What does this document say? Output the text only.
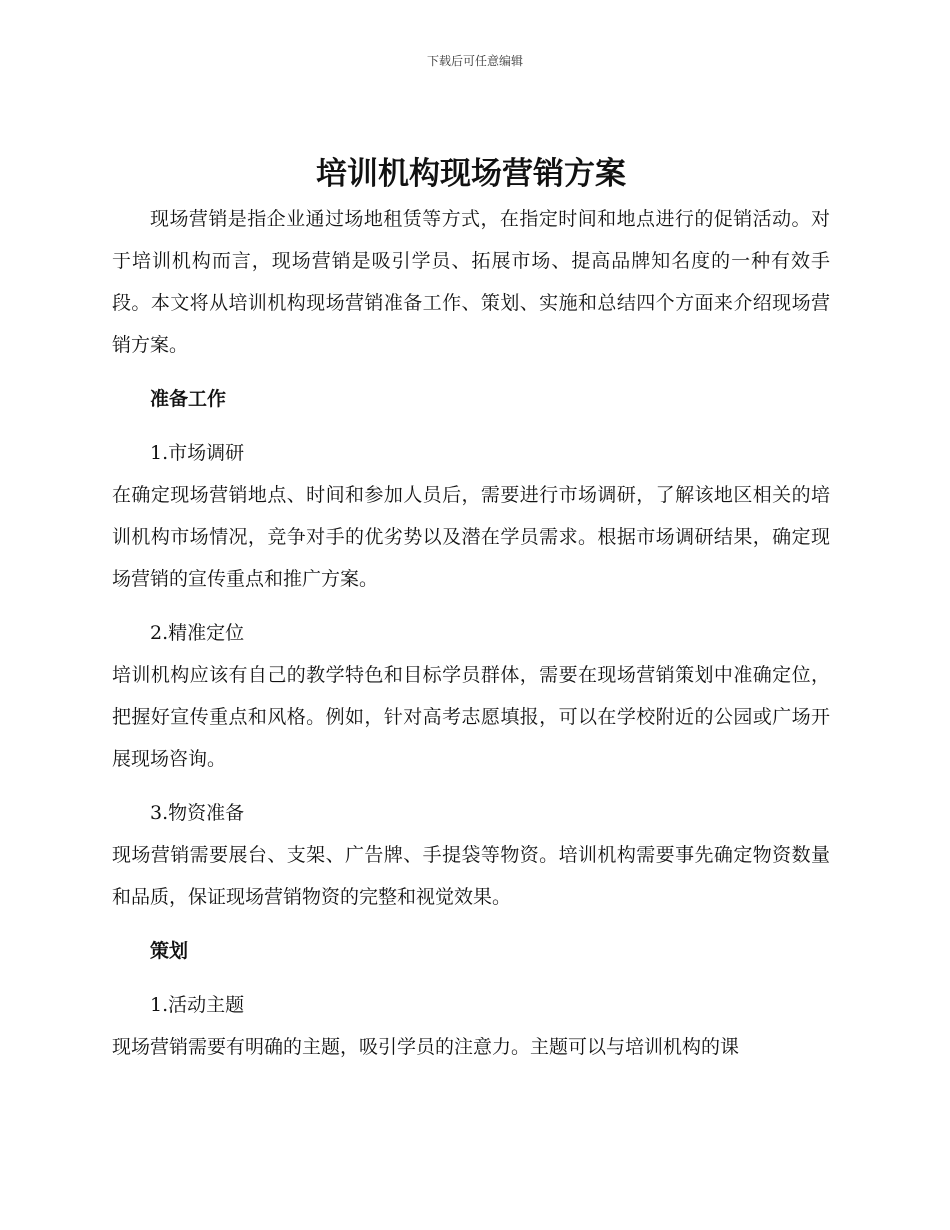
下载后可任意编辑
培训机构现场营销方案

现场营销是指企业通过场地租赁等方式，在指定时间和地点进行的促销活动。对于培训机构而言，现场营销是吸引学员、拓展市场、提高品牌知名度的一种有效手段。本文将从培训机构现场营销准备工作、策划、实施和总结四个方面来介绍现场营销方案。

准备工作

1.市场调研

在确定现场营销地点、时间和参加人员后，需要进行市场调研，了解该地区相关的培训机构市场情况，竞争对手的优劣势以及潜在学员需求。根据市场调研结果，确定现场营销的宣传重点和推广方案。

2.精准定位

培训机构应该有自己的教学特色和目标学员群体，需要在现场营销策划中准确定位，把握好宣传重点和风格。例如，针对高考志愿填报，可以在学校附近的公园或广场开展现场咨询。

3.物资准备

现场营销需要展台、支架、广告牌、手提袋等物资。培训机构需要事先确定物资数量和品质，保证现场营销物资的完整和视觉效果。

策划

1.活动主题

现场营销需要有明确的主题，吸引学员的注意力。主题可以与培训机构的课
